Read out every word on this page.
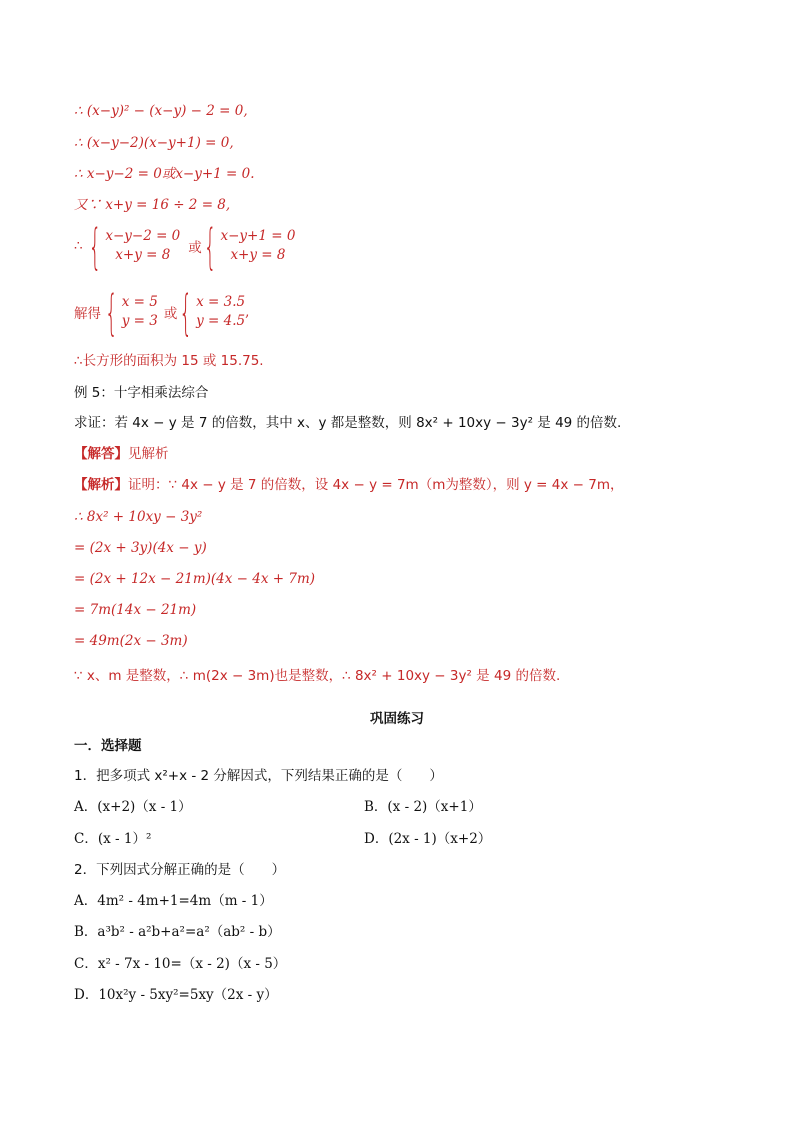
∴ (x−y)² − (x−y) − 2 = 0,
∴ (x−y−2)(x−y+1) = 0,
∴ x−y−2 = 0或x−y+1 = 0.
又∵ x+y = 16 ÷ 2 = 8,
∴ { x−y−2 = 0
x+y = 8	或 { x−y+1 = 0
x+y = 8
解得 { x = 5
y = 3 或 { x = 3.5
y = 4.5
,
∴长方形的面积为 15 或 15.75.
例 5：十字相乘法综合
求证：若 4x − y 是 7 的倍数，其中 x、y 都是整数，则 8x² + 10xy − 3y² 是 49 的倍数.
【解答】见解析
【解析】证明：∵ 4x − y 是 7 的倍数，设 4x − y = 7m（m为整数），则 y = 4x − 7m，
∴ 8x² + 10xy − 3y²
= (2x + 3y)(4x − y)
= (2x + 12x − 21m)(4x − 4x + 7m)
= 7m(14x − 21m)
= 49m(2x − 3m)
∵ x、m 是整数，∴ m(2x − 3m)也是整数，∴ 8x² + 10xy − 3y² 是 49 的倍数.
巩固练习
一．选择题
1．把多项式 x²+x - 2 分解因式，下列结果正确的是（　　）
A．(x+2)（x - 1）	B．(x - 2)（x+1）
C．(x - 1）²	D．(2x - 1)（x+2）
2．下列因式分解正确的是（　　）
A．4m² - 4m+1=4m（m - 1）
B．a³b² - a²b+a²=a²（ab² - b）
C．x² - 7x - 10=（x - 2)（x - 5）
D．10x²y - 5xy²=5xy（2x - y）
